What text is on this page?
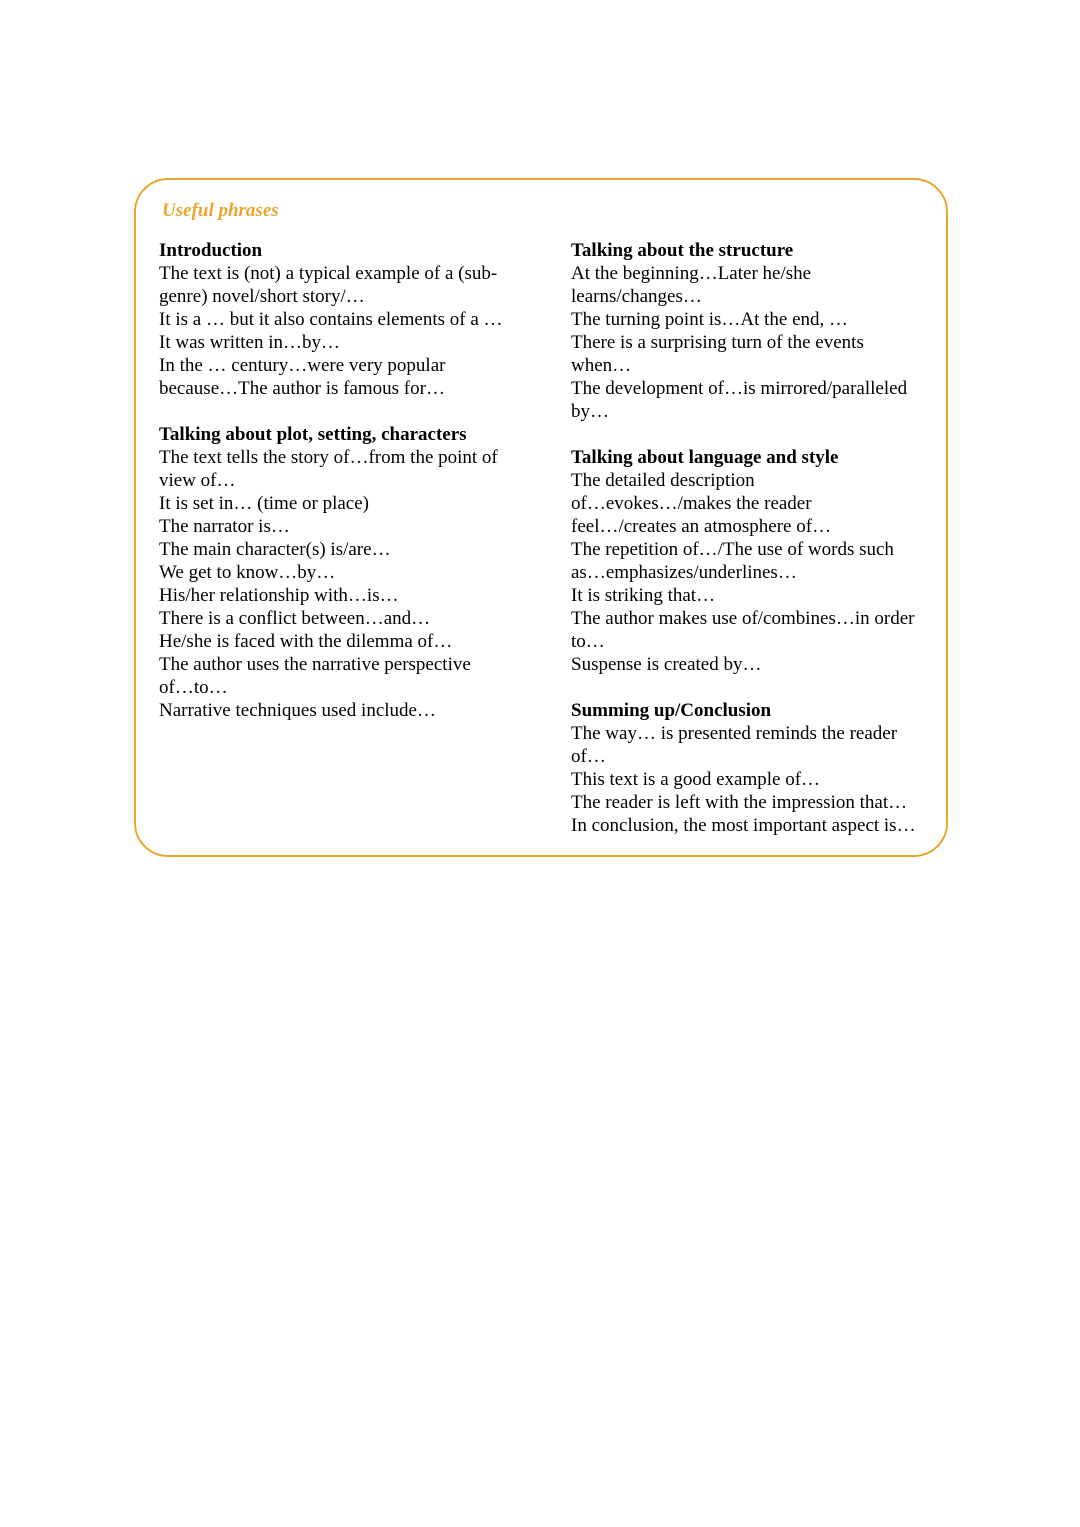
Useful phrases
Introduction
The text is (not) a typical example of a (sub-
genre) novel/short story/…
It is a … but it also contains elements of a …
It was written in…by…
In the … century…were very popular
because…The author is famous for…
Talking about plot, setting, characters
The text tells the story of…from the point of
view of…
It is set in… (time or place)
The narrator is…
The main character(s) is/are…
We get to know…by…
His/her relationship with…is…
There is a conflict between…and…
He/she is faced with the dilemma of…
The author uses the narrative perspective
of…to…
Narrative techniques used include…
Talking about the structure
At the beginning…Later he/she
learns/changes…
The turning point is…At the end, …
There is a surprising turn of the events
when…
The development of…is mirrored/paralleled
by…
Talking about language and style
The detailed description
of…evokes…/makes the reader
feel…/creates an atmosphere of…
The repetition of…/The use of words such
as…emphasizes/underlines…
It is striking that…
The author makes use of/combines…in order
to…
Suspense is created by…
Summing up/Conclusion
The way… is presented reminds the reader
of…
This text is a good example of…
The reader is left with the impression that…
In conclusion, the most important aspect is…
